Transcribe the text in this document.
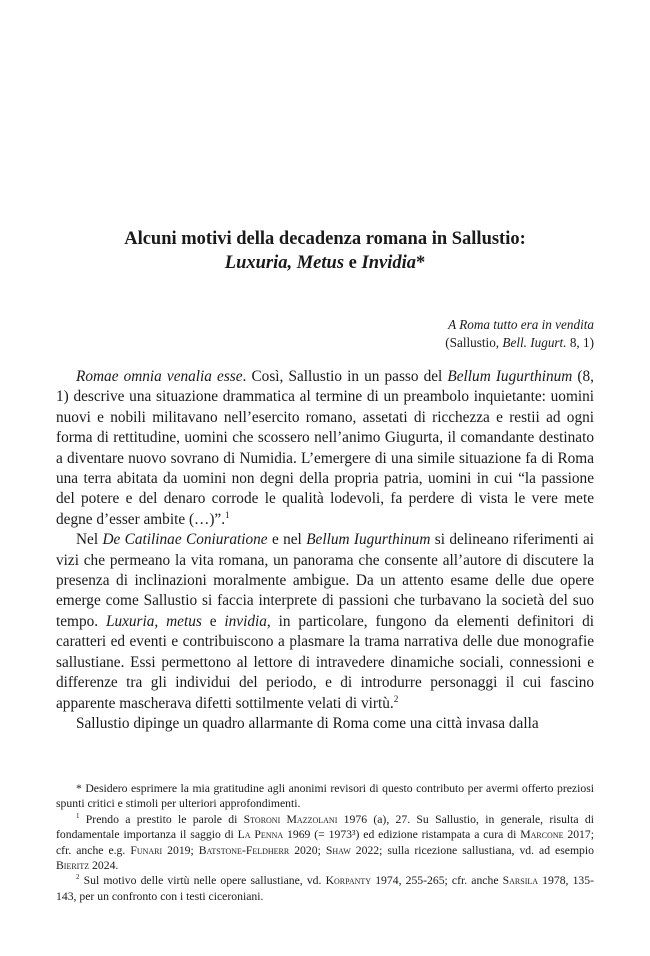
Alcuni motivi della decadenza romana in Sallustio:
Luxuria, Metus e Invidia*
A Roma tutto era in vendita
(Sallustio, Bell. Iugurt. 8, 1)

Romae omnia venalia esse. Così, Sallustio in un passo del Bellum Iugurthinum (8, 1) descrive una situazione drammatica al termine di un preambolo inquietante: uomini nuovi e nobili militavano nell’esercito romano, assetati di ricchezza e restii ad ogni forma di rettitudine, uomini che scossero nell’animo Giugurta, il comandante destinato a diventare nuovo sovrano di Numidia. L’emergere di una simile situazione fa di Roma una terra abitata da uomini non degni della propria patria, uomini in cui “la passione del potere e del denaro corrode le qualità lodevoli, fa perdere di vista le vere mete degne d’esser ambite (…)”.$^1$

Nel De Catilinae Coniuratione e nel Bellum Iugurthinum si delineano riferimenti ai vizi che permeano la vita romana, un panorama che consente all’autore di discutere la presenza di inclinazioni moralmente ambigue. Da un attento esame delle due opere emerge come Sallustio si faccia interprete di passioni che turbavano la società del suo tempo. Luxuria, metus e invidia, in particolare, fungono da elementi definitori di caratteri ed eventi e contribuiscono a plasmare la trama narrativa delle due monografie sallustiane. Essi permettono al lettore di intravedere dinamiche sociali, connessioni e differenze tra gli individui del periodo, e di introdurre personaggi il cui fascino apparente mascherava difetti sottilmente velati di virtù.$^2$

Sallustio dipinge un quadro allarmante di Roma come una città invasa dalla

* Desidero esprimere la mia gratitudine agli anonimi revisori di questo contributo per avermi offerto preziosi spunti critici e stimoli per ulteriori approfondimenti.

$^1$ Prendo a prestito le parole di Storoni Mazzolani 1976 (a), 27. Su Sallustio, in generale, risulta di fondamentale importanza il saggio di La Penna 1969 (= 1973³) ed edizione ristampata a cura di Marcone 2017; cfr. anche e.g. Funari 2019; Batstone-Feldherr 2020; Shaw 2022; sulla ricezione sallustiana, vd. ad esempio Bieritz 2024.

$^2$ Sul motivo delle virtù nelle opere sallustiane, vd. Korpanty 1974, 255-265; cfr. anche Sarsila 1978, 135-143, per un confronto con i testi ciceroniani.
